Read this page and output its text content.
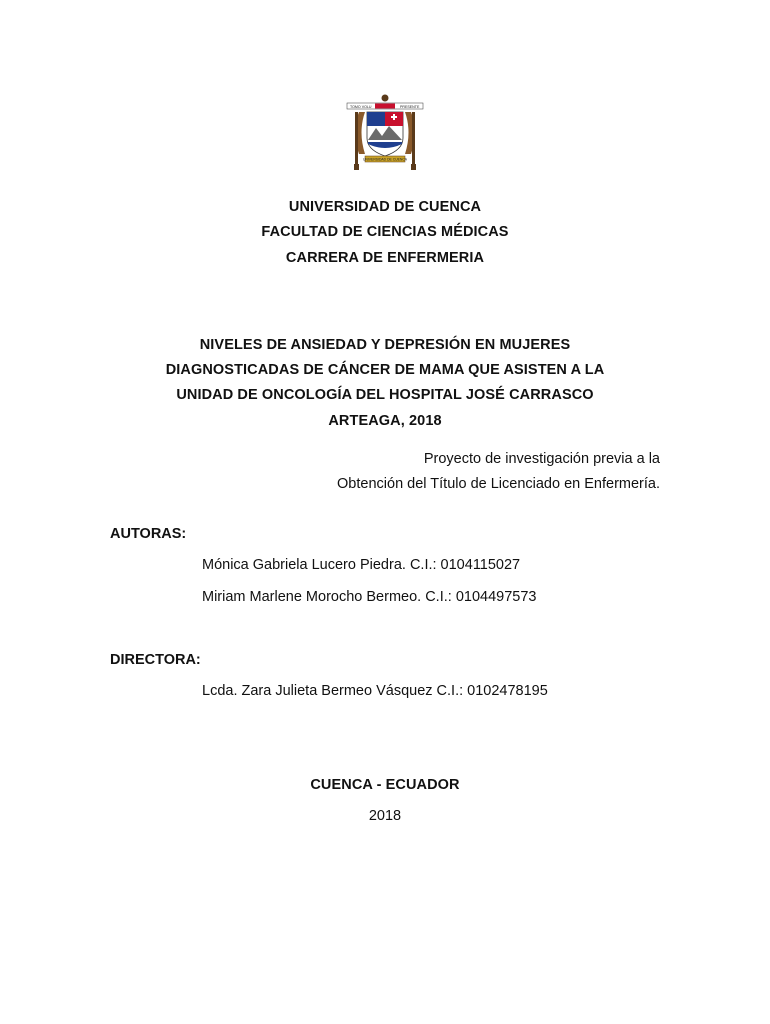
TOMO VOLU	PRESENTE
UNIVERSIDAD DE CUENCA
UNIVERSIDAD DE CUENCA
FACULTAD DE CIENCIAS MÉDICAS
CARRERA DE ENFERMERIA
NIVELES DE ANSIEDAD Y DEPRESIÓN EN MUJERES
DIAGNOSTICADAS DE CÁNCER DE MAMA QUE ASISTEN A LA
UNIDAD DE ONCOLOGÍA DEL HOSPITAL JOSÉ CARRASCO
ARTEAGA, 2018
Proyecto de investigación previa a la
Obtención del Título de Licenciado en Enfermería.
AUTORAS:
Mónica Gabriela Lucero Piedra. C.I.: 0104115027
Miriam Marlene Morocho Bermeo. C.I.: 0104497573
DIRECTORA:
Lcda. Zara Julieta Bermeo Vásquez C.I.: 0102478195
CUENCA - ECUADOR
2018
